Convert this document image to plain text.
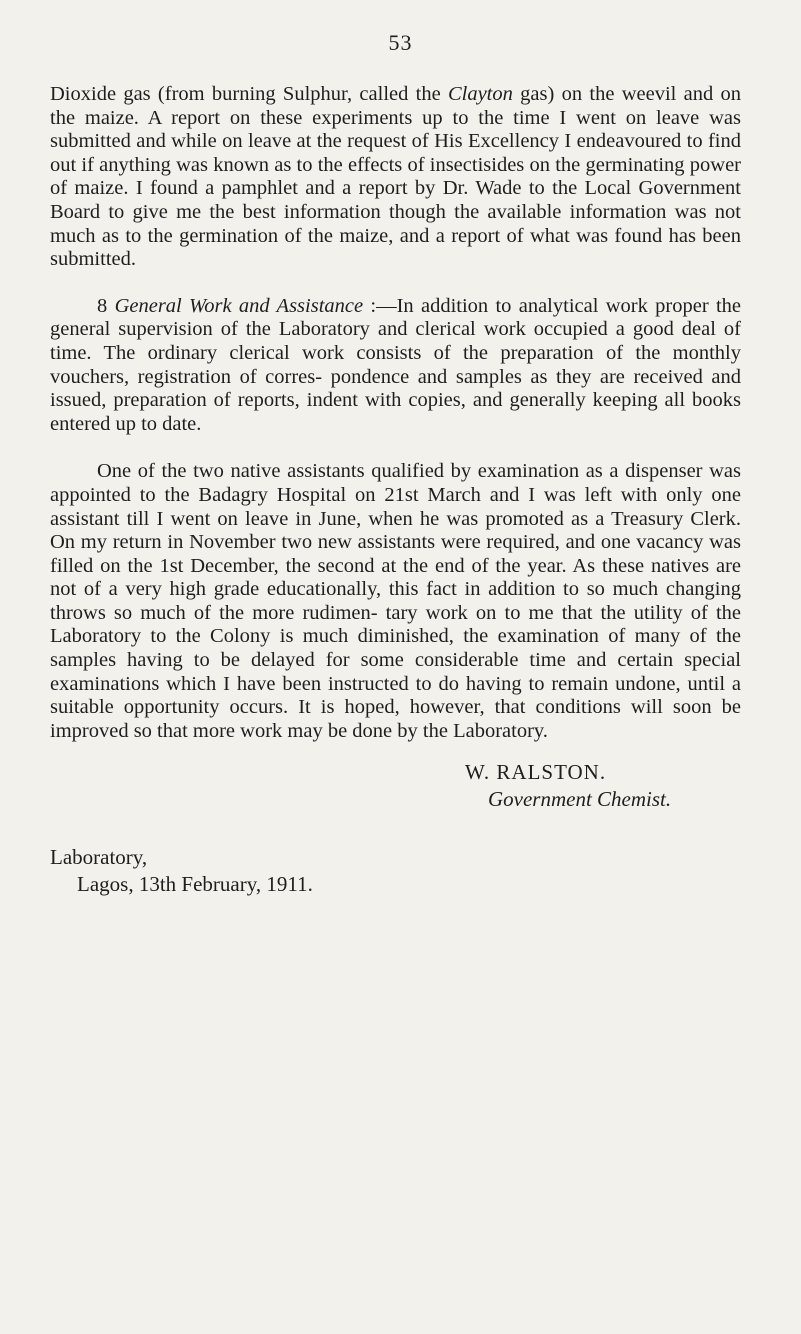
53

Dioxide gas (from burning Sulphur, called the Clayton gas) on the weevil and on the maize. A report on these experiments up to the time I went on leave was submitted and while on leave at the request of His Excellency I endeavoured to find out if anything was known as to the effects of insectisides on the germinating power of maize. I found a pamphlet and a report by Dr. Wade to the Local Government Board to give me the best information though the available information was not much as to the germination of the maize, and a report of what was found has been submitted.

8 General Work and Assistance :—In addition to analytical work proper the general supervision of the Laboratory and clerical work occupied a good deal of time. The ordinary clerical work consists of the preparation of the monthly vouchers, registration of corres- pondence and samples as they are received and issued, preparation of reports, indent with copies, and generally keeping all books entered up to date.

One of the two native assistants qualified by examination as a dispenser was appointed to the Badagry Hospital on 21st March and I was left with only one assistant till I went on leave in June, when he was promoted as a Treasury Clerk. On my return in November two new assistants were required, and one vacancy was filled on the 1st December, the second at the end of the year. As these natives are not of a very high grade educationally, this fact in addition to so much changing throws so much of the more rudimen- tary work on to me that the utility of the Laboratory to the Colony is much diminished, the examination of many of the samples having to be delayed for some considerable time and certain special examinations which I have been instructed to do having to remain undone, until a suitable opportunity occurs. It is hoped, however, that conditions will soon be improved so that more work may be done by the Laboratory.

W. RALSTON.
Government Chemist.
Laboratory,
Lagos, 13th February, 1911.
